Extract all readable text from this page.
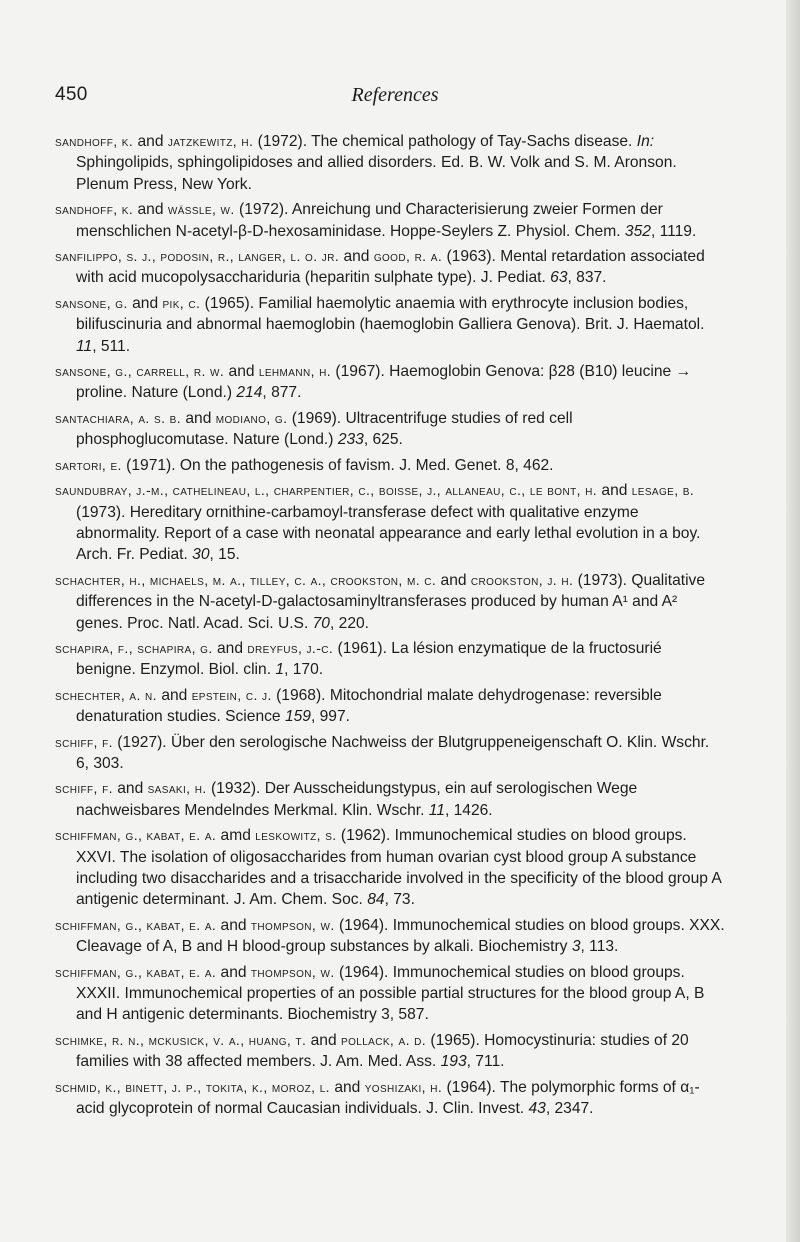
450	References

sandhoff, k. and jatzkewitz, h. (1972). The chemical pathology of Tay-Sachs disease. In: Sphingolipids, sphingolipidoses and allied disorders. Ed. B. W. Volk and S. M. Aronson. Plenum Press, New York.

sandhoff, k. and wässle, w. (1972). Anreichung und Characterisierung zweier Formen der menschlichen N-acetyl-β-D-hexosaminidase. Hoppe-Seylers Z. Physiol. Chem. 352, 1119.

sanfilippo, s. j., podosin, r., langer, l. o. jr. and good, r. a. (1963). Mental retardation associated with acid mucopolysacchariduria (heparitin sulphate type). J. Pediat. 63, 837.

sansone, g. and pik, c. (1965). Familial haemolytic anaemia with erythrocyte inclusion bodies, bilifuscinuria and abnormal haemoglobin (haemoglobin Galliera Genova). Brit. J. Haematol. 11, 511.

sansone, g., carrell, r. w. and lehmann, h. (1967). Haemoglobin Genova: β28 (B10) leucine → proline. Nature (Lond.) 214, 877.

santachiara, a. s. b. and modiano, g. (1969). Ultracentrifuge studies of red cell phosphoglucomutase. Nature (Lond.) 233, 625.

sartori, e. (1971). On the pathogenesis of favism. J. Med. Genet. 8, 462.

saundubray, j.-m., cathelineau, l., charpentier, c., boisse, j., allaneau, c., le bont, h. and lesage, b. (1973). Hereditary ornithine-carbamoyl-transferase defect with qualitative enzyme abnormality. Report of a case with neonatal appearance and early lethal evolution in a boy. Arch. Fr. Pediat. 30, 15.

schachter, h., michaels, m. a., tilley, c. a., crookston, m. c. and crookston, j. h. (1973). Qualitative differences in the N-acetyl-D-galactosaminyltransferases produced by human A¹ and A² genes. Proc. Natl. Acad. Sci. U.S. 70, 220.

schapira, f., schapira, g. and dreyfus, j.-c. (1961). La lésion enzymatique de la fructosurié benigne. Enzymol. Biol. clin. 1, 170.

schechter, a. n. and epstein, c. j. (1968). Mitochondrial malate dehydrogenase: reversible denaturation studies. Science 159, 997.

schiff, f. (1927). Über den serologische Nachweiss der Blutgruppeneigenschaft O. Klin. Wschr. 6, 303.

schiff, f. and sasaki, h. (1932). Der Ausscheidungstypus, ein auf serologischen Wege nachweisbares Mendelndes Merkmal. Klin. Wschr. 11, 1426.

schiffman, g., kabat, e. a. amd leskowitz, s. (1962). Immunochemical studies on blood groups. XXVI. The isolation of oligosaccharides from human ovarian cyst blood group A substance including two disaccharides and a trisaccharide involved in the specificity of the blood group A antigenic determinant. J. Am. Chem. Soc. 84, 73.

schiffman, g., kabat, e. a. and thompson, w. (1964). Immunochemical studies on blood groups. XXX. Cleavage of A, B and H blood-group substances by alkali. Biochemistry 3, 113.

schiffman, g., kabat, e. a. and thompson, w. (1964). Immunochemical studies on blood groups. XXXII. Immunochemical properties of an possible partial structures for the blood group A, B and H antigenic determinants. Biochemistry 3, 587.

schimke, r. n., mckusick, v. a., huang, t. and pollack, a. d. (1965). Homocystinuria: studies of 20 families with 38 affected members. J. Am. Med. Ass. 193, 711.

schmid, k., binett, j. p., tokita, k., moroz, l. and yoshizaki, h. (1964). The polymorphic forms of α₁-acid glycoprotein of normal Caucasian individuals. J. Clin. Invest. 43, 2347.
